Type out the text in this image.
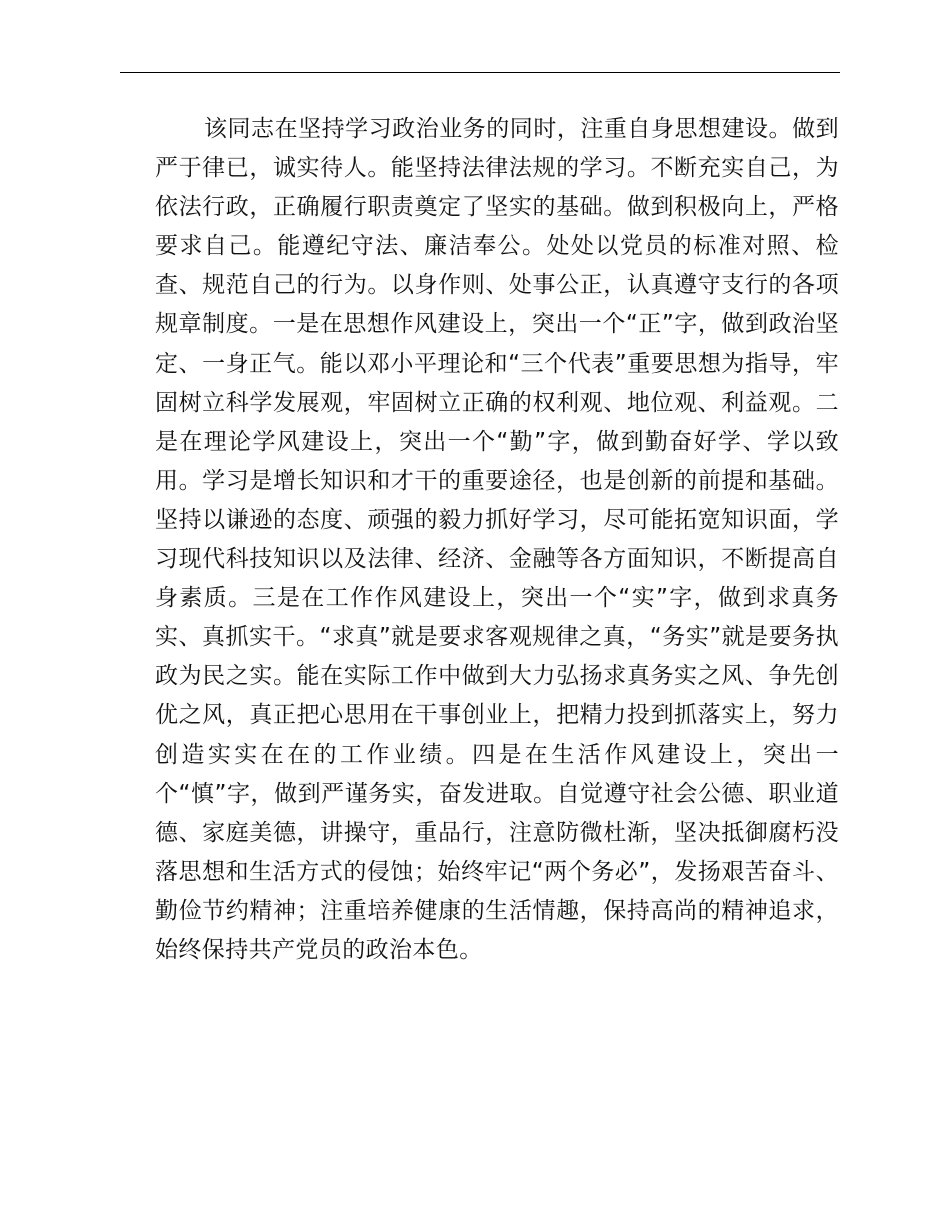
该同志在坚持学习政治业务的同时，注重自身思想建设。做到严于律已，诚实待人。能坚持法律法规的学习。不断充实自己，为依法行政，正确履行职责奠定了坚实的基础。做到积极向上，严格要求自己。能遵纪守法、廉洁奉公。处处以党员的标准对照、检查、规范自己的行为。以身作则、处事公正，认真遵守支行的各项规章制度。一是在思想作风建设上，突出一个“正”字，做到政治坚定、一身正气。能以邓小平理论和“三个代表”重要思想为指导，牢固树立科学发展观，牢固树立正确的权利观、地位观、利益观。二是在理论学风建设上，突出一个“勤”字，做到勤奋好学、学以致用。学习是增长知识和才干的重要途径，也是创新的前提和基础。坚持以谦逊的态度、顽强的毅力抓好学习，尽可能拓宽知识面，学习现代科技知识以及法律、经济、金融等各方面知识，不断提高自身素质。三是在工作作风建设上，突出一个“实”字，做到求真务实、真抓实干。“求真”就是要求客观规律之真，“务实”就是要务执政为民之实。能在实际工作中做到大力弘扬求真务实之风、争先创优之风，真正把心思用在干事创业上，把精力投到抓落实上，努力创造实实在在的工作业绩。四是在生活作风建设上，突出一个“慎”字，做到严谨务实，奋发进取。自觉遵守社会公德、职业道德、家庭美德，讲操守，重品行，注意防微杜渐，坚决抵御腐朽没落思想和生活方式的侵蚀；始终牢记“两个务必”，发扬艰苦奋斗、勤俭节约精神；注重培养健康的生活情趣，保持高尚的精神追求，始终保持共产党员的政治本色。
